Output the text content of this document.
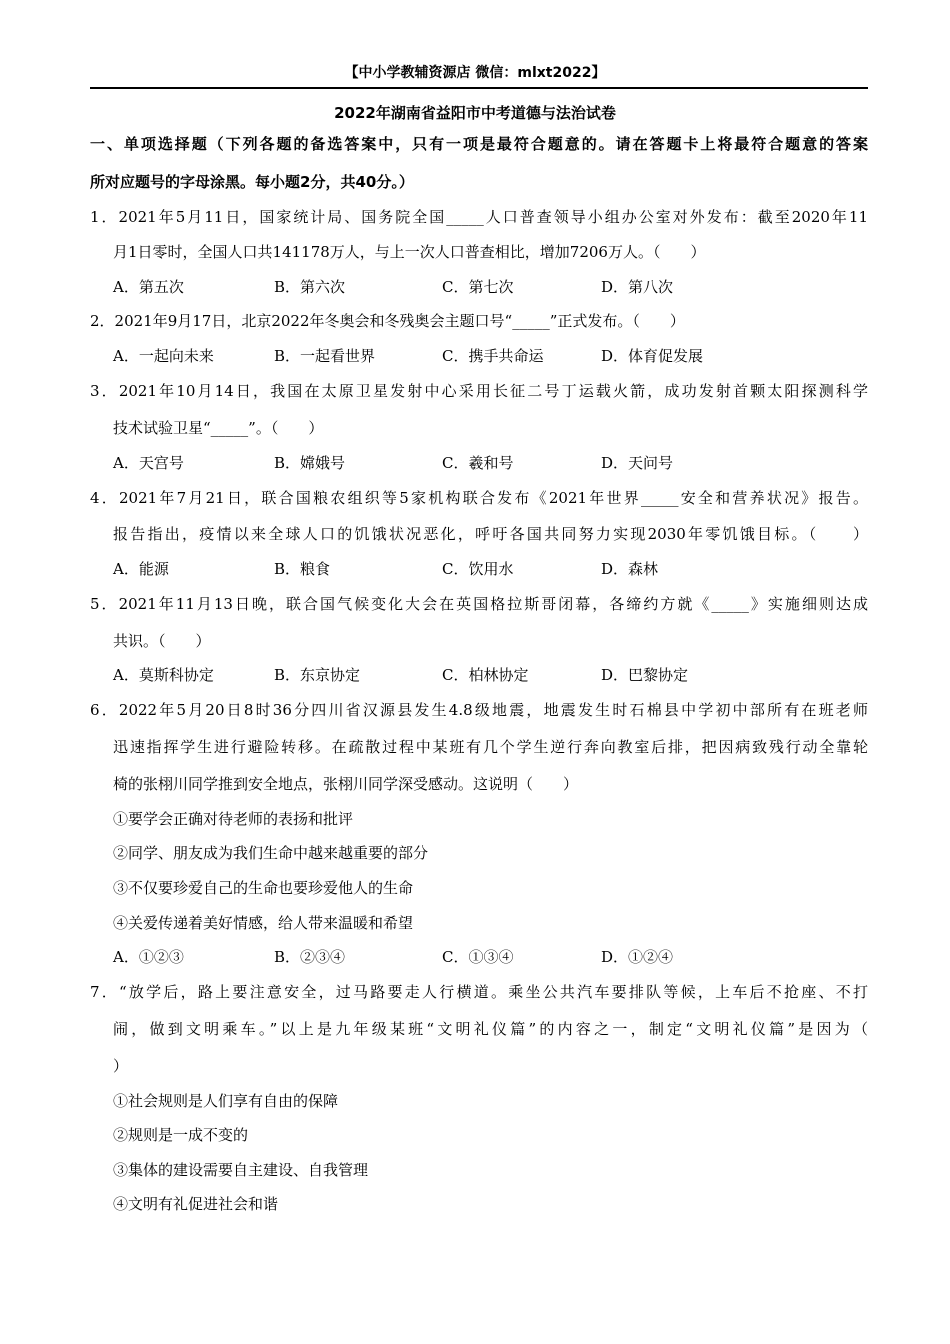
【中小学教辅资源店 微信：mlxt2022】
2022年湖南省益阳市中考道德与法治试卷
一、单项选择题（下列各题的备选答案中，只有一项是最符合题意的。请在答题卡上将最符合题意的答案
所对应题号的字母涂黑。每小题2分，共40分。）
1．2021年5月11日，国家统计局、国务院全国_____人口普查领导小组办公室对外发布：截至2020年11
月1日零时，全国人口共141178万人，与上一次人口普查相比，增加7206万人。（　　）
A．第五次	B．第六次	C．第七次	D．第八次
2．2021年9月17日，北京2022年冬奥会和冬残奥会主题口号“_____”正式发布。（　　）
A．一起向未来	B．一起看世界	C．携手共命运	D．体育促发展
3．2021年10月14日，我国在太原卫星发射中心采用长征二号丁运载火箭，成功发射首颗太阳探测科学
技术试验卫星“_____”。（　　）
A．天宫号	B．嫦娥号	C．羲和号	D．天问号
4．2021年7月21日，联合国粮农组织等5家机构联合发布《2021年世界_____安全和营养状况》报告。
报告指出，疫情以来全球人口的饥饿状况恶化，呼吁各国共同努力实现2030年零饥饿目标。（　　）
A．能源	B．粮食	C．饮用水	D．森林
5．2021年11月13日晚，联合国气候变化大会在英国格拉斯哥闭幕，各缔约方就《_____》实施细则达成
共识。（　　）
A．莫斯科协定	B．东京协定	C．柏林协定	D．巴黎协定
6．2022年5月20日8时36分四川省汉源县发生4.8级地震，地震发生时石棉县中学初中部所有在班老师
迅速指挥学生进行避险转移。在疏散过程中某班有几个学生逆行奔向教室后排，把因病致残行动全靠轮
椅的张栩川同学推到安全地点，张栩川同学深受感动。这说明（　　）
①要学会正确对待老师的表扬和批评
②同学、朋友成为我们生命中越来越重要的部分
③不仅要珍爱自己的生命也要珍爱他人的生命
④关爱传递着美好情感，给人带来温暖和希望
A．①②③	B．②③④	C．①③④	D．①②④
7．“放学后，路上要注意安全，过马路要走人行横道。乘坐公共汽车要排队等候，上车后不抢座、不打
闹，做到文明乘车。”以上是九年级某班“文明礼仪篇”的内容之一，制定“文明礼仪篇”是因为（
）
①社会规则是人们享有自由的保障
②规则是一成不变的
③集体的建设需要自主建设、自我管理
④文明有礼促进社会和谐
